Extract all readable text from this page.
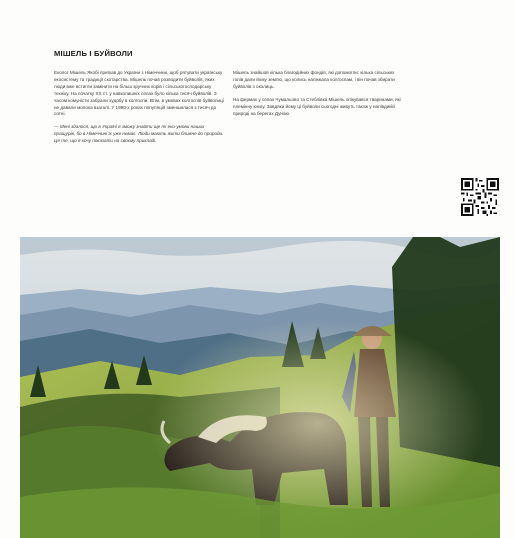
МІШЕЛЬ І БУЙВОЛИ

Еколог Мішель Якобі приїхав до України з Німеччини, щоб рятувати українську екосистему та традиції скотарства. Мішель почав розводити буйволів, яких люди вже встигли замінити на більш зручних корів і сільськогосподарську техніку. На початку ХХ ст. у навколишніх селах було кілька тисяч буйволів. З часом комуністи забрали худобу в колгоспи. Втім, в умовах колгоспів буйволиці не давали молока взагалі. У 1990-х роках популяція зменшилася з тисяч до сотні.

— Мені здалося, що в Україні я зможу знайти ще ті еко-умови наших пращурів, бо в Німеччині їх уже немає. Люди мають жити ближче до природи. Це те, що я хочу показати на своєму прикладі.

Мішель знайшов кілька благодійних фондів, які допомогли; кілька сільських голів дали йому землю, що колись належала колгоспам, і він почав збирати буйволів з околиць.

На фермах у селах Чумальово та Стеблівка Мішель опікувався тваринами, які племінну книгу. Завдяки йому ці буйволи сьогодні живуть також у напівдикій природі на берегах Дунаю.
